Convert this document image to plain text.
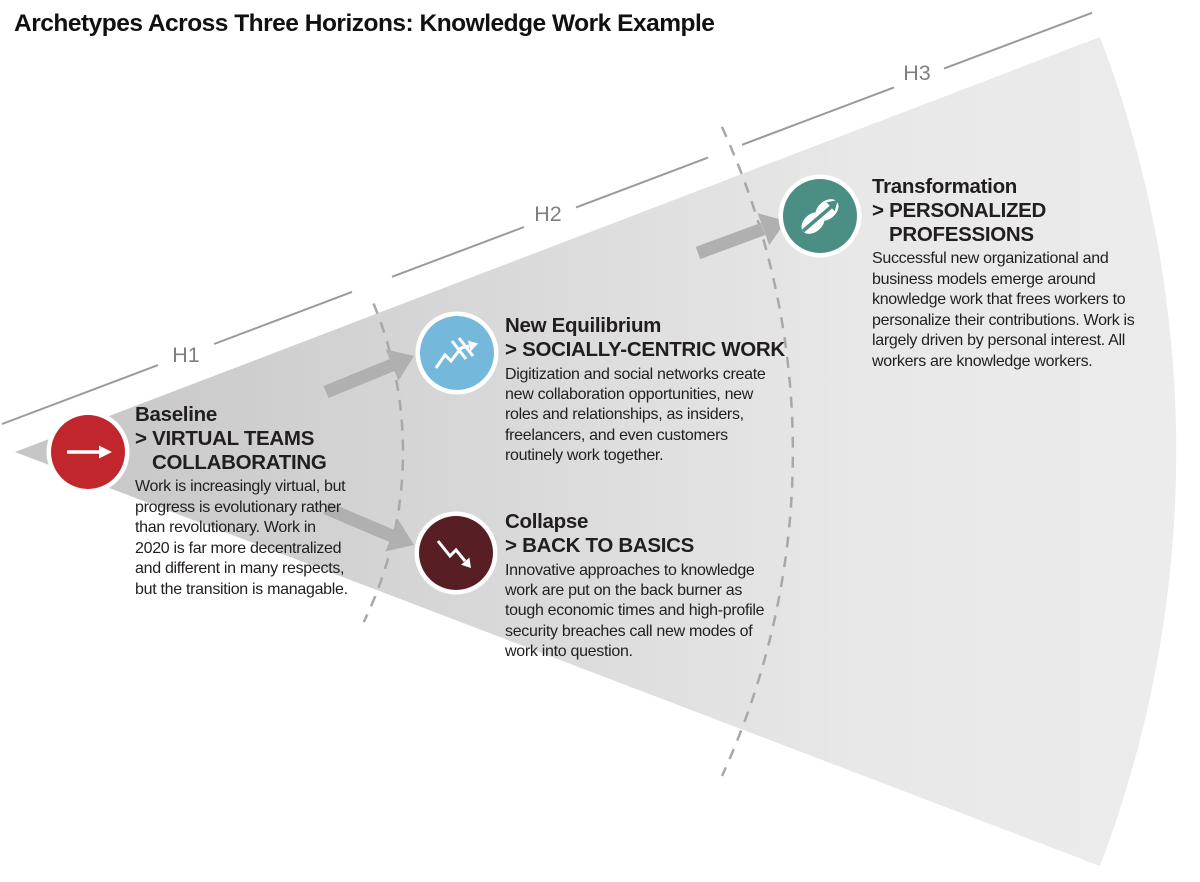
Archetypes Across Three Horizons: Knowledge Work Example
H1
H2
H3
Baseline
> VIRTUAL TEAMS COLLABORATING
Work is increasingly virtual, but progress is evolutionary rather than revolutionary. Work in 2020 is far more decentralized and different in many respects, but the transition is managable.
New Equilibrium
> SOCIALLY-CENTRIC WORK
Digitization and social networks create new collaboration opportunities, new roles and relationships, as insiders, freelancers, and even customers routinely work together.
Collapse
> BACK TO BASICS
Innovative approaches to knowledge work are put on the back burner as tough economic times and high-profile security breaches call new modes of work into question.
Transformation
> PERSONALIZED PROFESSIONS
Successful new organizational and business models emerge around knowledge work that frees workers to personalize their contributions. Work is largely driven by personal interest. All workers are knowledge workers.
